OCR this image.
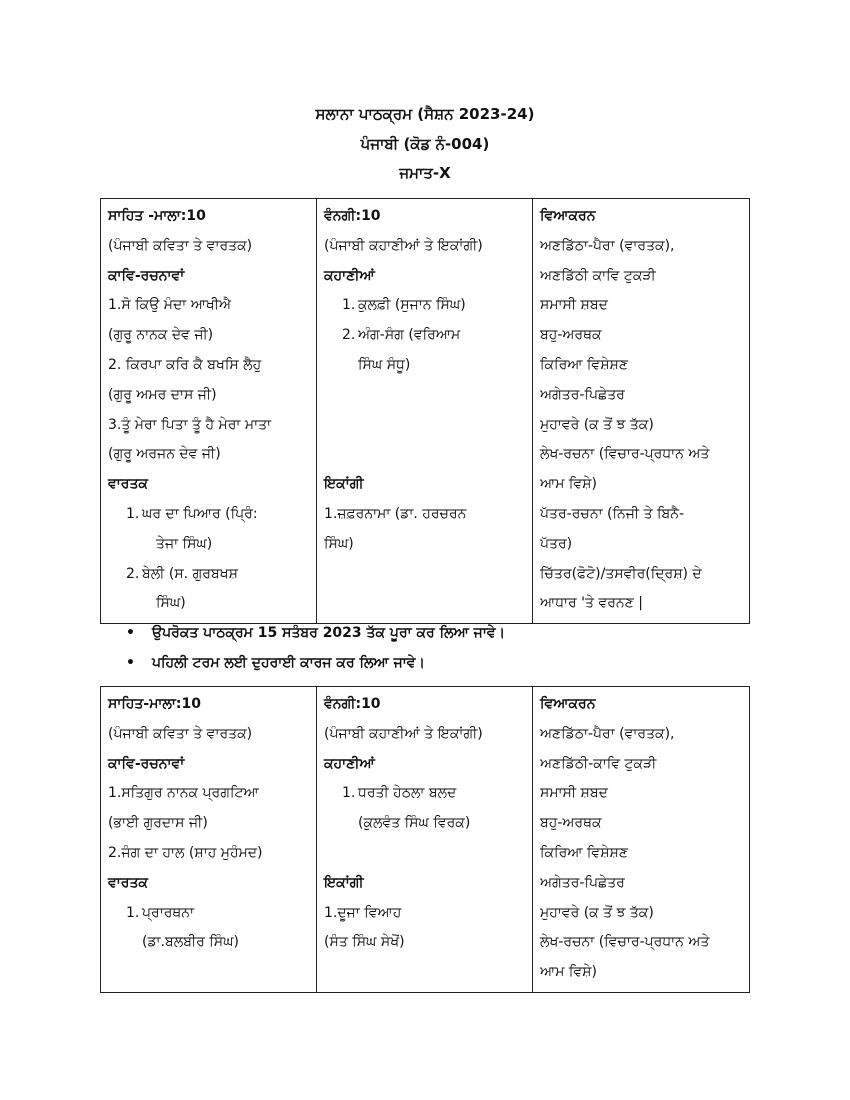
ਸਲਾਨਾ ਪਾਠਕ੍ਰਮ (ਸੈਸ਼ਨ 2023-24)
ਪੰਜਾਬੀ (ਕੋਡ ਨੰ-004)
ਜਮਾਤ-X
ਸਾਹਿਤ -ਮਾਲਾ:10
(ਪੰਜਾਬੀ ਕਵਿਤਾ ਤੇ ਵਾਰਤਕ)
ਕਾਵਿ-ਰਚਨਾਵਾਂ
1.ਸੋ ਕਿਉ ਮੰਦਾ ਆਖੀਐ
(ਗੁਰੂ ਨਾਨਕ ਦੇਵ ਜੀ)
2. ਕਿਰਪਾ ਕਰਿ ਕੈ ਬਖਸਿ ਲੈਹੁ
(ਗੁਰੂ ਅਮਰ ਦਾਸ ਜੀ)
3.ਤੂੰ ਮੇਰਾ ਪਿਤਾ ਤੂੰ ਹੈ ਮੇਰਾ ਮਾਤਾ
(ਗੁਰੂ ਅਰਜਨ ਦੇਵ ਜੀ)
ਵਾਰਤਕ
1. ਘਰ ਦਾ ਪਿਆਰ (ਪ੍ਰਿੰ:
ਤੇਜਾ ਸਿੰਘ)
2. ਬੇਲੀ (ਸ. ਗੁਰਬਖਸ਼
ਸਿੰਘ)

ਵੰਨਗੀ:10
(ਪੰਜਾਬੀ ਕਹਾਣੀਆਂ ਤੇ ਇਕਾਂਗੀ)
ਕਹਾਣੀਆਂ
1. ਕੁਲਫ਼ੀ (ਸੁਜਾਨ ਸਿੰਘ)
2. ਅੰਗ-ਸੰਗ (ਵਰਿਆਮ
ਸਿੰਘ ਸੰਧੂ)
ਇਕਾਂਗੀ
1.ਜ਼ਫ਼ਰਨਾਮਾ (ਡਾ. ਹਰਚਰਨ
ਸਿੰਘ)

ਵਿਆਕਰਨ
ਅਣਡਿੱਠਾ-ਪੈਰਾ (ਵਾਰਤਕ),
ਅਣਡਿੱਠੀ ਕਾਵਿ ਟੁਕੜੀ
ਸਮਾਸੀ ਸ਼ਬਦ
ਬਹੁ-ਅਰਥਕ
ਕਿਰਿਆ ਵਿਸ਼ੇਸ਼ਣ
ਅਗੇਤਰ-ਪਿਛੇਤਰ
ਮੁਹਾਵਰੇ (ਕ ਤੋਂ ਝ ਤੱਕ)
ਲੇਖ-ਰਚਨਾ (ਵਿਚਾਰ-ਪ੍ਰਧਾਨ ਅਤੇ
ਆਮ ਵਿਸ਼ੇ)
ਪੱਤਰ-ਰਚਨਾ (ਨਿਜੀ ਤੇ ਬਿਨੈ-
ਪੱਤਰ)
ਚਿੱਤਰ(ਫੋਟੋ)/ਤਸਵੀਰ(ਦ੍ਰਿਸ਼) ਦੇ
ਆਧਾਰ 'ਤੇ ਵਰਨਣ |
• ਉਪਰੋਕਤ ਪਾਠਕ੍ਰਮ 15 ਸਤੰਬਰ 2023 ਤੱਕ ਪੂਰਾ ਕਰ ਲਿਆ ਜਾਵੇ।
• ਪਹਿਲੀ ਟਰਮ ਲਈ ਦੁਹਰਾਈ ਕਾਰਜ ਕਰ ਲਿਆ ਜਾਵੇ।
ਸਾਹਿਤ-ਮਾਲਾ:10
(ਪੰਜਾਬੀ ਕਵਿਤਾ ਤੇ ਵਾਰਤਕ)
ਕਾਵਿ-ਰਚਨਾਵਾਂ
1.ਸਤਿਗੁਰ ਨਾਨਕ ਪ੍ਰਗਟਿਆ
(ਭਾਈ ਗੁਰਦਾਸ ਜੀ)
2.ਜੰਗ ਦਾ ਹਾਲ (ਸ਼ਾਹ ਮੁਹੰਮਦ)
ਵਾਰਤਕ
1. ਪ੍ਰਾਰਥਨਾ
(ਡਾ.ਬਲਬੀਰ ਸਿੰਘ)

ਵੰਨਗੀ:10
(ਪੰਜਾਬੀ ਕਹਾਣੀਆਂ ਤੇ ਇਕਾਂਗੀ)
ਕਹਾਣੀਆਂ
1. ਧਰਤੀ ਹੇਠਲਾ ਬਲਦ
(ਕੁਲਵੰਤ ਸਿੰਘ ਵਿਰਕ)
ਇਕਾਂਗੀ
1.ਦੂਜਾ ਵਿਆਹ
(ਸੰਤ ਸਿੰਘ ਸੇਖੋਂ)

ਵਿਆਕਰਨ
ਅਣਡਿੱਠਾ-ਪੈਰਾ (ਵਾਰਤਕ),
ਅਣਡਿੱਠੀ-ਕਾਵਿ ਟੁਕੜੀ
ਸਮਾਸੀ ਸ਼ਬਦ
ਬਹੁ-ਅਰਥਕ
ਕਿਰਿਆ ਵਿਸ਼ੇਸ਼ਣ
ਅਗੇਤਰ-ਪਿਛੇਤਰ
ਮੁਹਾਵਰੇ (ਕ ਤੋਂ ਝ ਤੱਕ)
ਲੇਖ-ਰਚਨਾ (ਵਿਚਾਰ-ਪ੍ਰਧਾਨ ਅਤੇ
ਆਮ ਵਿਸ਼ੇ)
